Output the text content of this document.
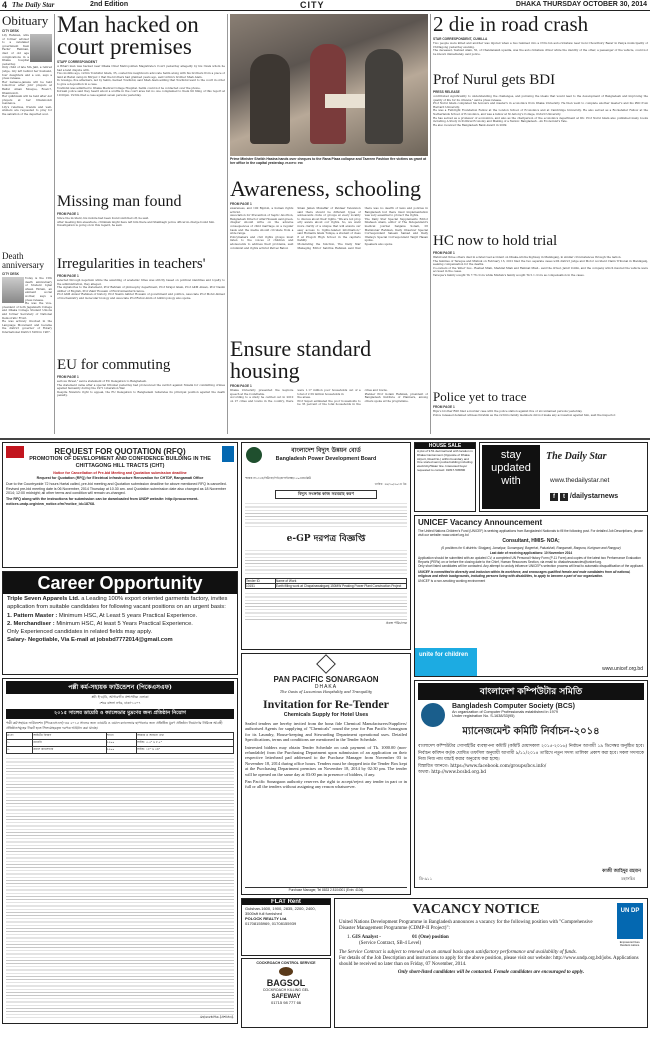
4 The Daily Star	2nd Edition	CITY	DHAKA THURSDAY OCTOBER 30, 2014
Obituary
CITY DESK

Lily Rahman, wife of former adviser to a caretaker government Kazi Fazlur Rahman, died of old age complications in a Dhaka hospital yesterday.

Only child of late MA Jalil, a retired judge, Lily left behind her husband, four daughters and a son, says a press release.

Her namaz-e-janaza will be held tomorrow after Johr prayers at Baitul Aman Mosque, Road-7, Dhanmondi.

Her qulkhwani will be held after Asr prayers at her Dhanmondi residence.

Lily's relatives, friends and well-wishers are requested to pray for the salvation of the departed soul.

Death anniversary
CITY DESK

Today is the 15th death anniversary of Student Iqbal Ahsan Ekram, an eminent social worker, says a press release.

He was the vice-president of both Jagannath College and Dhaka College Student Unions and former Secretary of National Democratic Front.

He was actively involved in the Language Movement and became the district governor of Rotary International District 3280 in 1987.

Man hacked on court premises
STAFF CORRESPONDENT

A Bihari man was hacked near Dhaka Chief Metropolitan Magistrate's Court yesterday allegedly by his rivals whom he had a land dispute with.

Two months ago, victim Towhidul Islam, 35, ousted his neighbours advocate Selim along with his brothers from a piece of land at Babul camp in Mirpur-1 that the brothers had grabbed years ago, said victim's brother Shah Alam.

In revenge, five attackers, led by Selim, hacked Towhidul, said Shah Alam adding that Towhidul went to the court in order to give a deposition in a case.

Towhidul was admitted to Dhaka Medical College Hospital. Selim could not be contacted over the phone.

Kotwali police said they heard about a scuffle in the court area but no one complained to them till filing of this report at 10:00pm. Victim filed a case against seven persons yesterday.

Missing man found
FROM PAGE 1

Since the incident, his mobile had been found switched off, he said.

After meeting him elsewhere, criminals might have left him there and Shahbagh police officer-in-charge found him.

Investigation is going on in this regard, he said.

Irregularities in teachers'
FROM PAGE 1

selected through nepotism while the awarding of academic titles was strictly based on political identities and loyalty to the administration, they alleged.

The signatories to the statement, Prof Bahram of philosophy department, Prof Sirajul Islam, Prof AKM Ahsan, Prof Nasim Akhter of English, Prof Zakir Hossain of Environmental Science.

Prof ASM Anisur Rahman of history, Prof Nasim Akhter Hossain of government and politics, Associate Prof Mohd Ahmed of biochemistry and molecular biology and Associate Prof Ruhul Amin of Anthropology also spoke.

EU for commuting
FROM PAGE 1

serious threat," said a statement of EU Delegation to Bangladesh.

The statement came after a special tribunal yesterday had pronounced the verdict against Nizami for committing crimes against humanity during the 1971 Liberation War.

Despite Nizami's right to appeal, the EU Delegation to Bangladesh reiterates its principal position against the death penalty.

Prime Minister Sheikh Hasina hands over cheques to the Rana Plaza collapse and Tazreen Fashion fire victims as grant at her office in the capital yesterday. PHOTO: PID
Awareness, schooling
FROM PAGE 1

awareness, and 100 Bipiloh, a human rights activist.

Association for Prevention of Septic Abortion, Bangladesh Director Altaf Hossain said green-chapter should write on the adverse consequences of child marriage on a regular basis and the media should circulate from a wide range.

Policymakers and civil rights groups must listen to the voices of children and adolescents to address their problems, said columnist and rights activist Parvez Babul.

Sinan Jahan Muzaffar of Pantaar Television said there should be different types of adolescents clubs or groups at every locality to discuss about their rights. "We are not prop

erly aware about our rights. So, we want more clarity of a unique that will ensure our easy access to rights-related information," said Humaira Islam Tumpa, a student of class 8 at Progoti High School in the capital's Kahilly.

Moderating the function, The Daily Star Managing Editor Sabrina Rahman said that there was no dearth of laws and policies in Bangladesh but there must implementation was very essential to protect the rights.

The Daily Star Special Supplements Editor Shaheen Anam, editor of The Independent's medical journal Sanjana Sonali, Dr Mamnunar Rahman, Daily Observer Special Correspondent Saleem Samad and Daily Ittefaq's Special Correspondent Tanjir Hasan spoke.

Speakers also spoke

Ensure standard housing
FROM PAGE 1

Dhaka University presented the keynote speech at the roundtable.

According to a study he carried out in 2010 on 27 cities and towns in the country, there were 1.17 million poor households out of a total of 2.59 million households in

the areas.

Prof Sayed estimated the poor households to be 35 percent of the total households in the cities and towns.

Planner Prof Golam Rahman, president of Bangladesh Institute of Planners, among others spoke at the programme.

2 die in road crash
STAR CORRESPONDENT, CUMILLA

Two people were killed and another was injured when a bus rammed into a CNG-run auto-rickshaw near Goni Chowdhury Bazar in Panya municipality of Chittagong yesterday evening.

The deceased, Yeshied Alam, 55, of Chandanaish upazila, was the auto-rickshaw driver while the identity of the other, a passenger of the vehicle, could not be known immediately, said police.

Prof Nurul gets BDI
PRESS RELEASE

contributed significantly to understanding the challenges, and pursuing the ideals that would lead to the development of Bangladesh and improving the quality of life for its citizens," said a press release.

Prof Nurul Islam completed his honours and master's in economics from Dhaka University. He then went to complete another master's and his PhD from Harvard University.

He was a Fulbright Foundation Fellow at the London School of Economics and at Cambridge University. He also served as a Rockefeller Fellow at the Netherlands School of Economics, and was a fellow at St Antony's College, Oxford University.

He has served as a professor of economics, and also as the chairperson of the economics department at DU. Prof Nurul Islam also published many books including A Study in Political Economy and Making of a Nation: Bangladesh - An Economist's Tale.

He also received the Bangladesh Bank Award in 2009.

HC now to hold trial
FROM PAGE 1

Wahid and three others died in a fatal road accident on Dhaka-Aricha highway in Manikganj, in similar circumstances through the nation.

The families of Tareque and Mishuk on February 13, 2012 filed the two separate cases with district judge and Motor Accident Claim Tribunal in Manikganj, seeking compensation for the deaths.

Co-owners of the 'killer' bus - Rashed Miah, Shahdat Miah and Rahmat Miah - said the driver, Jamir Uddin, and the company which insured the vehicle were accused in the cases.

Tareque's family sought Tk 7.76 crore while Mishuk's family sought Tk 5.1 crore as compensation in the cases.

Police yet to trace
FROM PAGE 1

Bipu's brother Rifit filed a murder case with the police station against five or six unnamed persons yesterday.

Police released detained witness Ibrahim as the victim's family members did not make any accusation against him, said the inspector.

REQUEST FOR QUOTATION (RFQ)
PROMOTION OF DEVELOPMENT AND CONFIDENCE BUILDING IN THE CHITTAGONG HILL TRACTS (CHT)
Notice for Cancellation of Pre-bid Meeting and Quotation submission deadline
Request for Quotation (RFQ) for Electrical infrastructure Renovation for CHTDF, Rangamati Office

Due to the Countrywide 72 hours Hartal called, pre-bid meeting and Quotation submission deadline for above mentioned RFQ is cancelled. Revised pre-bid meeting date is 06 November, 2014 Thursday at 10.30 am. and Quotation submission date also changed as 18 November 2014; 12:00 midnight; all other terms and condition will remain un-changed.

The RFQ along with the instructions for submission can be downloaded from UNDP website: http://procurement-notices.undp.org/view_notice.cfm?notice_id=18768.

Career Opportunity
Triple Seven Apparels Ltd. a Leading 100% export oriented garments factory, invites application from suitable candidates for following vacant positions on an urgent basis:
1. Pattern Master : Minimum HSC, At Least 5 years Practical Experience.
2. Merchandiser : Minimum HSC, At least 5 Years Practical Experience.
Only Experienced candidates in related fields may apply.
Salary- Negotiable, Via E-mail at jobsbd7772014@gmail.com
পল্লী কর্ম-সহায়ক ফাউন্ডেশন (পিকেএসএফ)
প্লট: ই-৪/বি, আগারগাঁও প্রশাসনিক এলাকা
শেরে বাংলা নগর, ঢাকা-১২০৭
২০১৫ সালের ডায়েরি ও ক্যালেন্ডার মুদ্রণের জন্য প্রতিষ্ঠান নিয়োগ

পল্লী কর্ম-সহায়ক ফাউন্ডেশন (পিকেএসএফ)-এর ২০১৫ সালের জন্য ডায়েরি ও ওয়াল ক্যালেন্ডার ছাপানোর জন্য প্রতিষ্ঠিত মুদ্রণ প্রতিষ্ঠান নিয়োগের নিমিত্তে আগ্রহী প্রতিষ্ঠানসমূহের নিকট হতে সিলমোহরকৃত দরপত্র আহ্বান করা যাচ্ছে।

ক্র.নং	আইটেম বিবরণ	সংখ্যা	আকার ও অন্যান্য তথ্য
১.	ডায়েরি	১৫০০	সাইজ: ৫.৫" x ৮.৫"
২.	ওয়াল ক্যালেন্ডার	২৫০০	সাইজ: ১৮" x ২৪"
মহাব্যবস্থাপক (প্রশাসন)
বাংলাদেশ বিদ্যুৎ উন্নয়ন বোর্ড
Bangladesh Power Development Board
স্মারক নং-৩১৪/বিউবো/পিডি/চাপাইবেক্স/১৫০এমডব্লিউ
তারিখ: ২৯/১০/২০১৪ খ্রি:
বিদ্যুৎ সংক্রান্ত কাজ সরবরাহ করণ
e-GP দরপত্র বিজ্ঞপ্তি
Tender ID	Name of Work
10151	Earth filling work at Chapainawabganj 150MW Peaking Power Plant Construction Project
প্রকল্প পরিচালক
HOUSE SALE

A plot of 9.51 decimal land with location in Dhaka Cantonment (Opposite of Dhaka Airport, Road No.) within boundary and One storied semi pucka building including electricity/Water line. Interested buyer requested to contact: 01817-545800

stay
updated
with
The Daily Star
www.thedailystar.net
f t /dailystarnews
UNICEF Vacancy Announcement

The United Nations Children's Fund (UNICEF) is seeking applications from Bangladeshi Nationals to fill the following post. For detailed Job Descriptions, please visit our website: www.unicef.org.bd

Consultant, HMIS- NOA;

(6 positions for 6 districts: Sirajganj, Jamalpur, Sunamganj, Bagerhat, Patuakhali, Rangamati, Barguna, Kurigram and Rangpur)

Last date of receiving applications: 10 November 2014

Application should be submitted with an updated CV, a completed UN Personal History Form (P-11 Form) and copies of the latest two Performance Evaluation Reports (PERs) on or before the closing date to the Chief, Human Resources Section, via email to: dhakahrvacancies@unicef.org.

Only short listed candidates will be contacted. Any attempt to unduly influence UNICEF's selection process will lead to automatic disqualification of the applicant.

UNICEF is committed to diversity and inclusion within its workforce, and encourages qualified female and male candidates from all national, religious and ethnic backgrounds, including persons living with disabilities, to apply to become a part of our organization.

UNICEF is a non-smoking working environment

unite for children
www.unicef.org.bd
PAN PACIFIC SONARGAON
DHAKA
The Oasis of Luxurious Hospitality and Tranquility
Invitation for Re-Tender
Chemicals Supply for Hotel Uses

Sealed tenders are hereby invited from the bona fide Chemical Manufacturers/Suppliers/ authorised Agents for supplying of "Chemicals" round the year for Pan Pacific Sonargaon for its Laundry, House-keeping and Stewarding Department operational uses. Detailed Specifications, terms and conditions are mentioned in the Tender Schedule.

Interested bidders may obtain Tender Schedule on cash payment of Tk. 1000.00 (non-refundable) from the Purchasing Department upon submission of an application on their respective letterhead pad addressed to the Purchase Manager from November 03 to November 18, 2014 during office hours. Tenders must be dropped into the Tender Box kept at the Purchasing Department premises on November 18, 2014 by 02:30 pm. The tender will be opened on the same day at 03:00 pm in presence of bidders, if any.

Pan Pacific Sonargaon authority reserves the right to accept/reject any tender in part or in full or all the tenders without assigning any reason whatsoever.

Purchase Manager, Tel 8833 2 8104001 (Extn: 4104)
বাংলাদেশ কম্পিউটার সমিতি
Bangladesh Computer Society (BCS)
An organization of Computer Professionals established in 1979
Under registration No. S-1638/33(95)
ম্যানেজমেন্ট কমিটি নির্বাচন-২০১৪

বাংলাদেশ কম্পিউটার সোসাইটির ব্যবস্থাপনা কমিটি (কমিটি মেয়াদকাল ২০১৫-২০১৬) নির্বাচন আগামী ১৯ ডিসেম্বর অনুষ্ঠিত হবে। নির্বাচন কমিশন কর্তৃক ঘোষিত তফসিল অনুযায়ী আগামী ৯/১১/২০১৪ তারিখে নতুন সদস্য তালিকা প্রকাশ করা হবে। সকল সদস্যকে নিজ নিজ নাম যাচাই করার অনুরোধ করা হচ্ছে।

বিস্তারিত জানতে: https://www.facebook.com/groups/bcs.info/

অথবা: http://www.bcsbd.org.bd

কাজী জাহিদুর রহমান
মহাসচিব
ডি-৯১১
FLAT Rent
Gulshan-1600, 1900, 2835, 2200, 2400, 3500sft full furnished
POLOCK REALTY Ltd.
01708155969, 01708155939
COCKROACH CONTROL SERVICE
BAGSOL
COCKROACH KILLING GEL
SAFEWAY
01715 98 777 66
UN DP
Empowered lives. Resilient nations.
VACANCY NOTICE

United Nations Development Programme in Bangladesh announces a vacancy for the following position with "Comprehensive Disaster Management Programme (CDMP-II Project)":

1. GIS Analyst -	01 (One) position
(Service Contract, SB-4 Level)

The Service Contract is subject to renewal on an annual basis upon satisfactory performance and availability of funds.

For details of the Job Description and instructions to apply for the above position, please visit our website: http://www.undp.org.bd/jobs. Applications should be received no later than on Friday, 07 November, 2014.

Only short-listed candidates will be contacted. Female candidates are encouraged to apply.
